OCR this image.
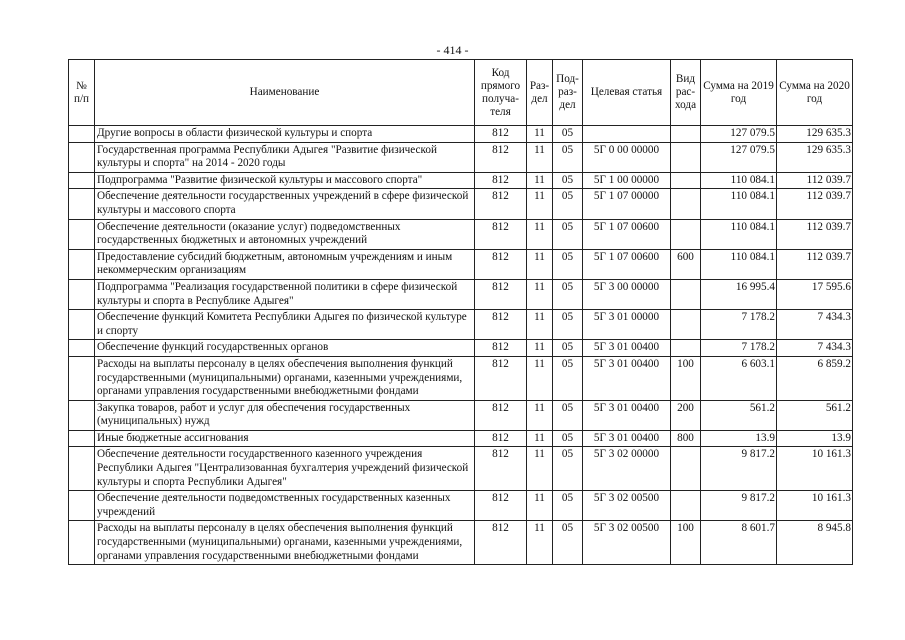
- 414 -
№ п/п	Наименование	Код прямого получа-теля	Раз-дел	Под-раз-дел	Целевая статья	Вид рас-хода	Сумма на 2019 год	Сумма на 2020 год
	Другие вопросы в области физической культуры и спорта	812	11	05			127 079.5	129 635.3
	Государственная программа Республики Адыгея "Развитие физической культуры и спорта" на 2014 - 2020 годы	812	11	05	5Г 0 00 00000		127 079.5	129 635.3
	Подпрограмма "Развитие физической культуры и массового спорта"	812	11	05	5Г 1 00 00000		110 084.1	112 039.7
	Обеспечение деятельности государственных учреждений в сфере физической культуры и массового спорта	812	11	05	5Г 1 07 00000		110 084.1	112 039.7
	Обеспечение деятельности (оказание услуг) подведомственных государственных бюджетных и автономных учреждений	812	11	05	5Г 1 07 00600		110 084.1	112 039.7
	Предоставление субсидий бюджетным, автономным учреждениям и иным некоммерческим организациям	812	11	05	5Г 1 07 00600	600	110 084.1	112 039.7
	Подпрограмма "Реализация государственной политики в сфере физической культуры и спорта в Республике Адыгея"	812	11	05	5Г 3 00 00000		16 995.4	17 595.6
	Обеспечение функций Комитета Республики Адыгея по физической культуре и спорту	812	11	05	5Г 3 01 00000		7 178.2	7 434.3
	Обеспечение функций государственных органов	812	11	05	5Г 3 01 00400		7 178.2	7 434.3
	Расходы на выплаты персоналу в целях обеспечения выполнения функций государственными (муниципальными) органами, казенными учреждениями, органами управления государственными внебюджетными фондами	812	11	05	5Г 3 01 00400	100	6 603.1	6 859.2
	Закупка товаров, работ и услуг для обеспечения государственных (муниципальных) нужд	812	11	05	5Г 3 01 00400	200	561.2	561.2
	Иные бюджетные ассигнования	812	11	05	5Г 3 01 00400	800	13.9	13.9
	Обеспечение деятельности государственного казенного учреждения Республики Адыгея "Централизованная бухгалтерия учреждений физической культуры и спорта Республики Адыгея"	812	11	05	5Г 3 02 00000		9 817.2	10 161.3
	Обеспечение деятельности подведомственных государственных казенных учреждений	812	11	05	5Г 3 02 00500		9 817.2	10 161.3
	Расходы на выплаты персоналу в целях обеспечения выполнения функций государственными (муниципальными) органами, казенными учреждениями, органами управления государственными внебюджетными фондами	812	11	05	5Г 3 02 00500	100	8 601.7	8 945.8
